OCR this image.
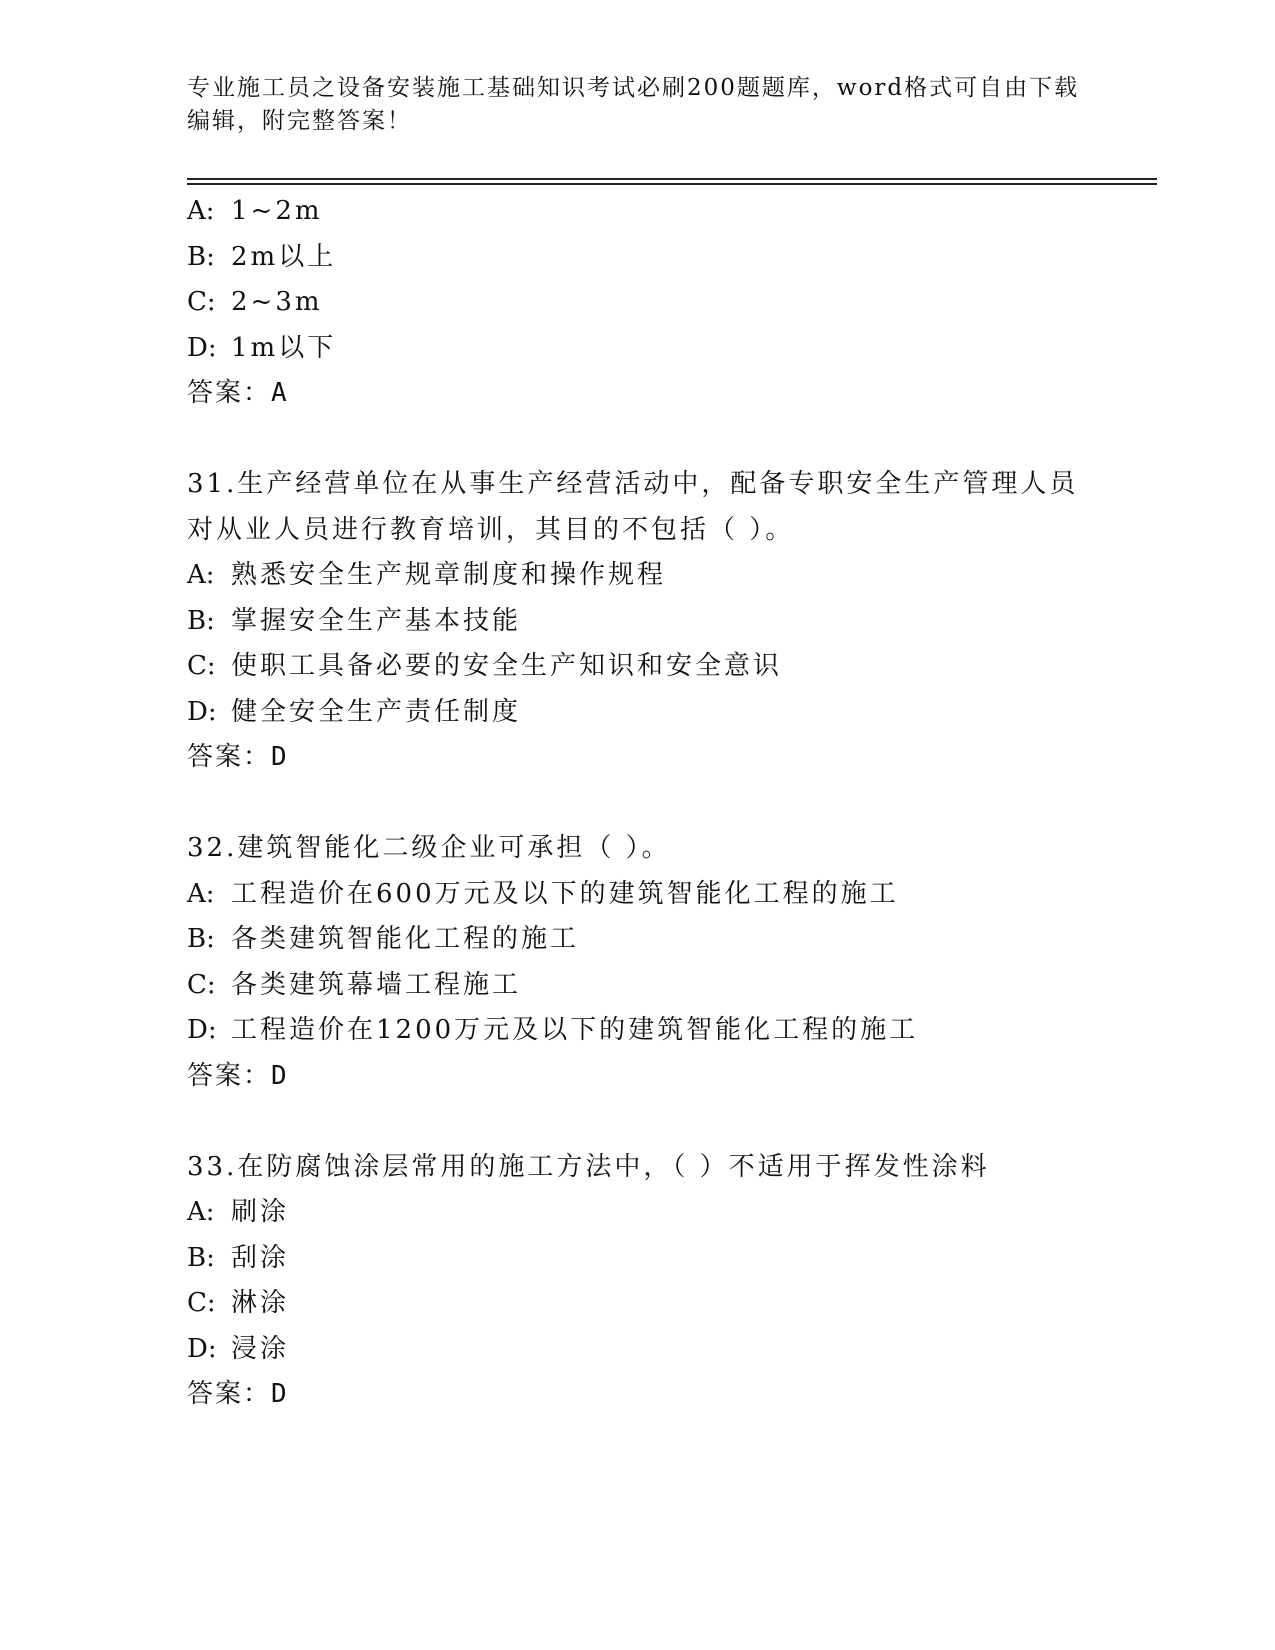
专业施工员之设备安装施工基础知识考试必刷200题题库，word格式可自由下载
编辑，附完整答案！
A: 1~2m
B: 2m以上
C: 2~3m
D: 1m以下
答案：A
31.生产经营单位在从事生产经营活动中，配备专职安全生产管理人员
对从业人员进行教育培训，其目的不包括（ ）。
A: 熟悉安全生产规章制度和操作规程
B: 掌握安全生产基本技能
C: 使职工具备必要的安全生产知识和安全意识
D: 健全安全生产责任制度
答案：D
32.建筑智能化二级企业可承担（ ）。
A: 工程造价在600万元及以下的建筑智能化工程的施工
B: 各类建筑智能化工程的施工
C: 各类建筑幕墙工程施工
D: 工程造价在1200万元及以下的建筑智能化工程的施工
答案：D
33.在防腐蚀涂层常用的施工方法中，（ ）不适用于挥发性涂料
A: 刷涂
B: 刮涂
C: 淋涂
D: 浸涂
答案：D
